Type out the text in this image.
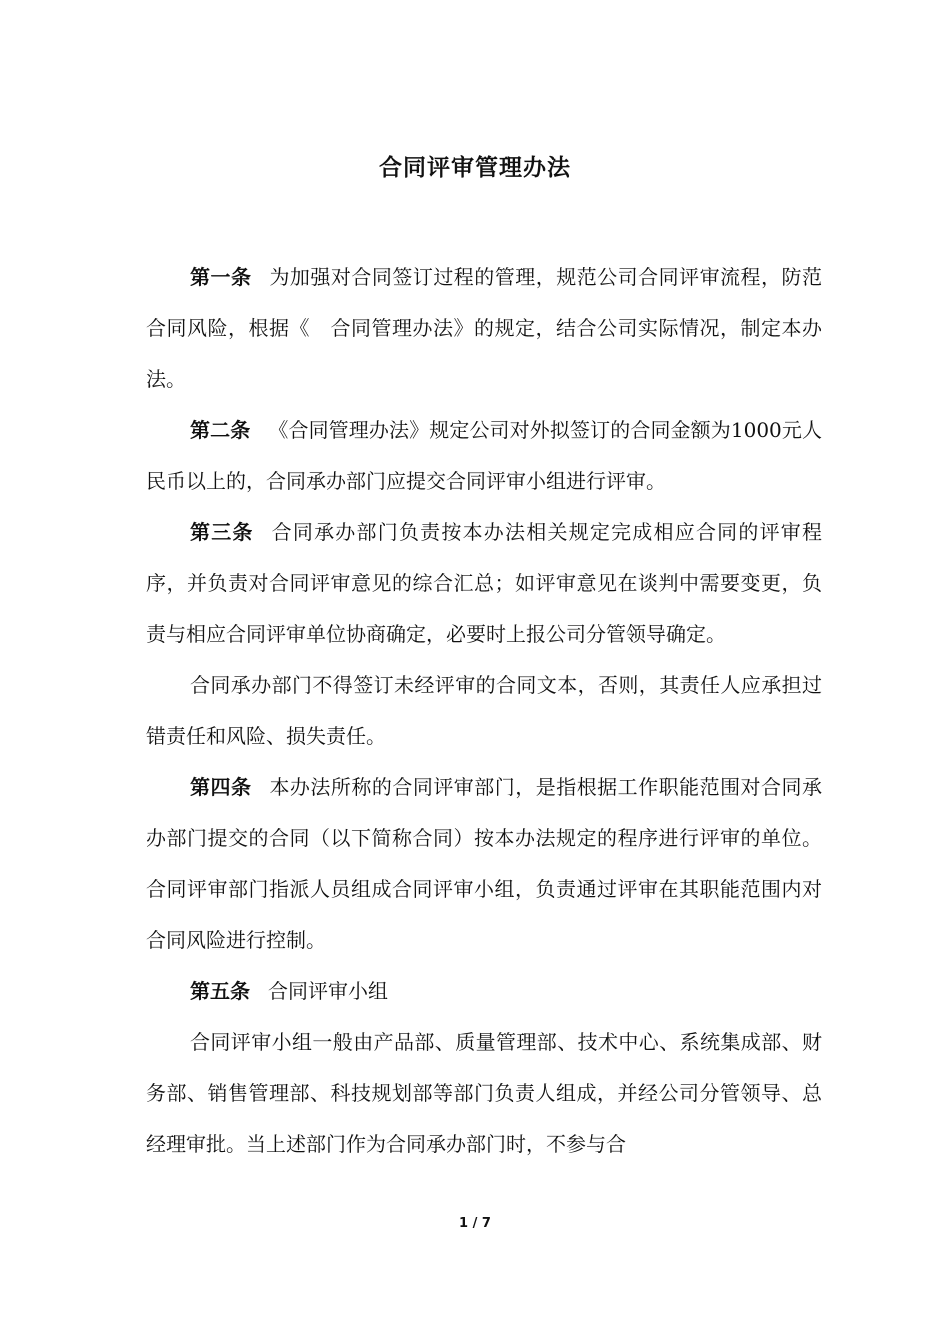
合同评审管理办法

第一条 为加强对合同签订过程的管理，规范公司合同评审流程，防范合同风险，根据《　合同管理办法》的规定，结合公司实际情况，制定本办法。

第二条 《合同管理办法》规定公司对外拟签订的合同金额为1000元人民币以上的，合同承办部门应提交合同评审小组进行评审。

第三条 合同承办部门负责按本办法相关规定完成相应合同的评审程序，并负责对合同评审意见的综合汇总；如评审意见在谈判中需要变更，负责与相应合同评审单位协商确定，必要时上报公司分管领导确定。

合同承办部门不得签订未经评审的合同文本，否则，其责任人应承担过错责任和风险、损失责任。

第四条 本办法所称的合同评审部门，是指根据工作职能范围对合同承办部门提交的合同（以下简称合同）按本办法规定的程序进行评审的单位。合同评审部门指派人员组成合同评审小组，负责通过评审在其职能范围内对合同风险进行控制。

第五条 合同评审小组

合同评审小组一般由产品部、质量管理部、技术中心、系统集成部、财务部、销售管理部、科技规划部等部门负责人组成，并经公司分管领导、总经理审批。当上述部门作为合同承办部门时，不参与合

1 / 7
